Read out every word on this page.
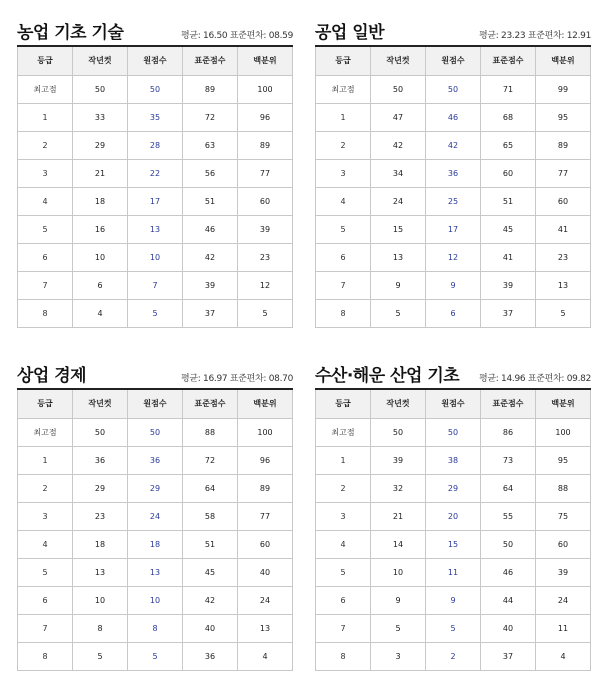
농업 기초 기술	평균: 16.50 표준편차: 08.59
등급	작년컷	원점수	표준점수	백분위
최고점	50	50	89	100
1	33	35	72	96
2	29	28	63	89
3	21	22	56	77
4	18	17	51	60
5	16	13	46	39
6	10	10	42	23
7	6	7	39	12
8	4	5	37	5
공업 일반	평균: 23.23 표준편차: 12.91
등급	작년컷	원점수	표준점수	백분위
최고점	50	50	71	99
1	47	46	68	95
2	42	42	65	89
3	34	36	60	77
4	24	25	51	60
5	15	17	45	41
6	13	12	41	23
7	9	9	39	13
8	5	6	37	5
상업 경제	평균: 16.97 표준편차: 08.70
등급	작년컷	원점수	표준점수	백분위
최고점	50	50	88	100
1	36	36	72	96
2	29	29	64	89
3	23	24	58	77
4	18	18	51	60
5	13	13	45	40
6	10	10	42	24
7	8	8	40	13
8	5	5	36	4
수산·해운 산업 기초 평균: 14.96 표준편차: 09.82
등급	작년컷	원점수	표준점수	백분위
최고점	50	50	86	100
1	39	38	73	95
2	32	29	64	88
3	21	20	55	75
4	14	15	50	60
5	10	11	46	39
6	9	9	44	24
7	5	5	40	11
8	3	2	37	4
